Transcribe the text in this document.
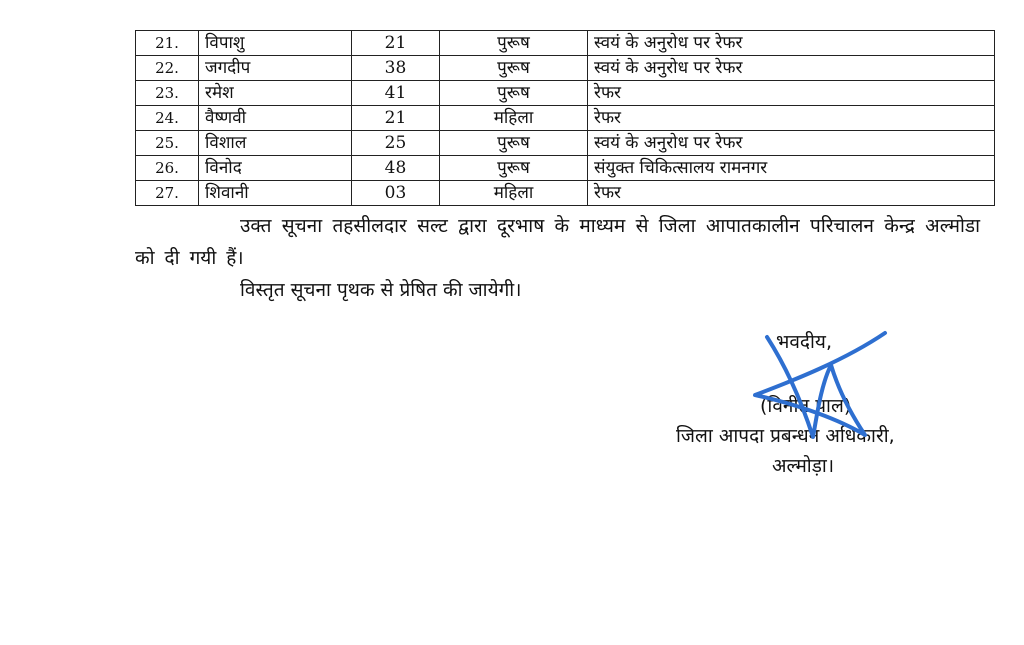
21.	विपाशु	21	पुरूष	स्वयं के अनुरोध पर रेफर
22.	जगदीप	38	पुरूष	स्वयं के अनुरोध पर रेफर
23.	रमेश	41	पुरूष	रेफर
24.	वैष्णवी	21	महिला	रेफर
25.	विशाल	25	पुरूष	स्वयं के अनुरोध पर रेफर
26.	विनोद	48	पुरूष	संयुक्त चिकित्सालय रामनगर
27.	शिवानी	03	महिला	रेफर

उक्त सूचना तहसीलदार सल्ट द्वारा दूरभाष के माध्यम से जिला आपातकालीन परिचालन केन्द्र अल्मोडा को दी गयी हैं।

विस्तृत सूचना पृथक से प्रेषित की जायेगी।

भवदीय,
(विनीत पाल)
जिला आपदा प्रबन्धन अधिकारी,
अल्मोड़ा।
